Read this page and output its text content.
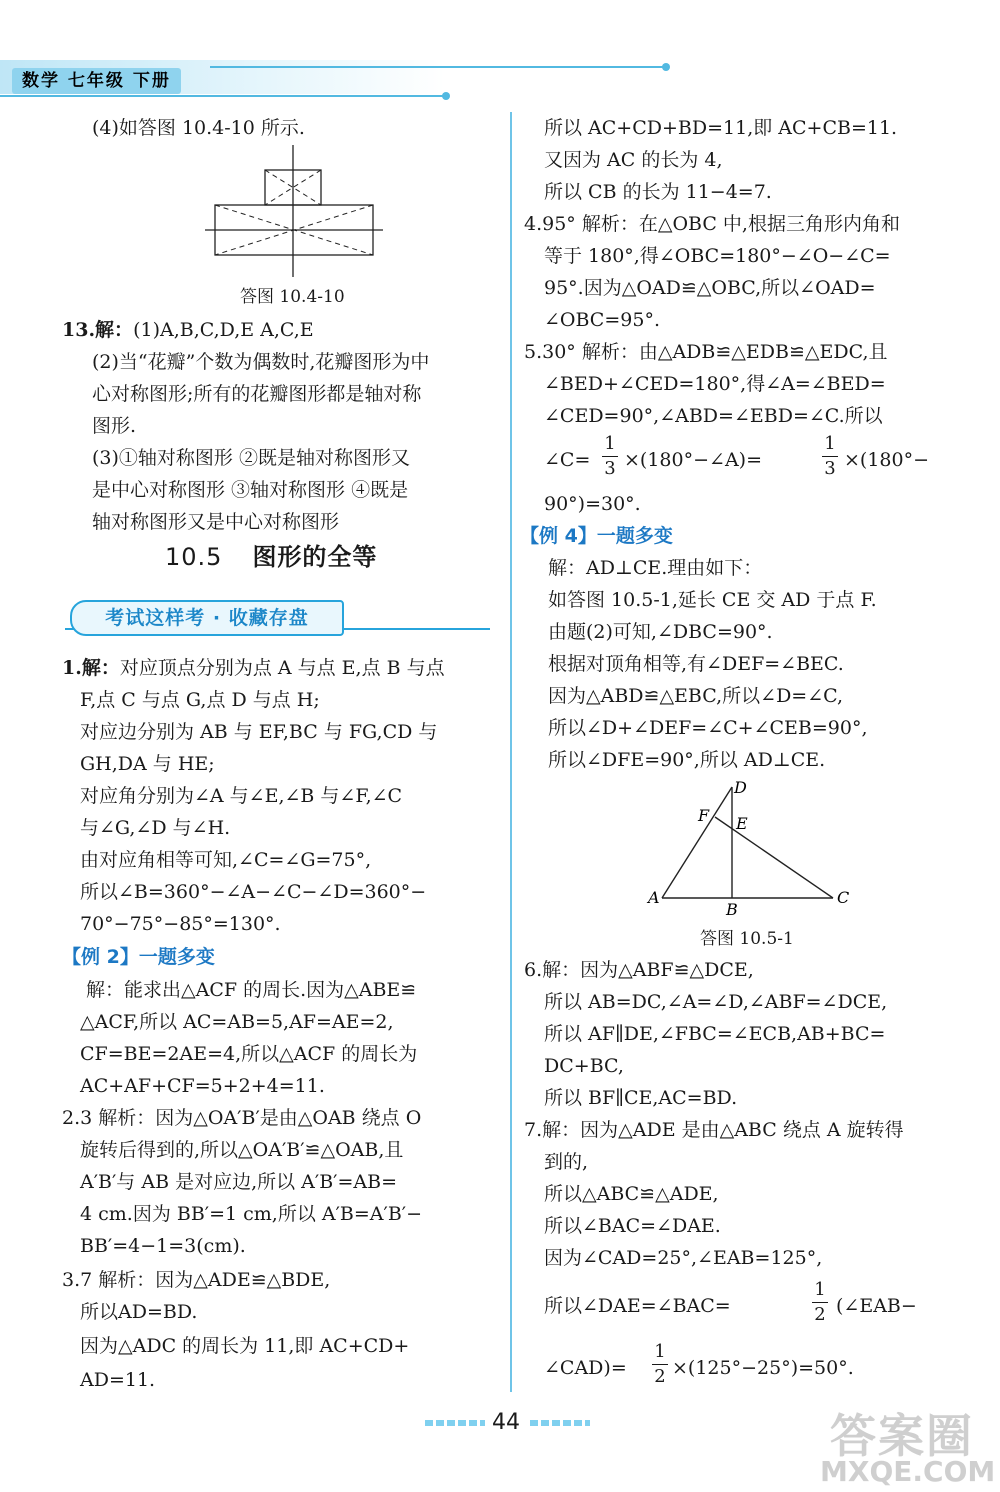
数学 七年级 下册
(4)如答图 10.4-10 所示.
答图 10.4-10
13.解：(1)A,B,C,D,E A,C,E
(2)当“花瓣”个数为偶数时,花瓣图形为中
心对称图形;所有的花瓣图形都是轴对称
图形.
(3)①轴对称图形 ②既是轴对称图形又
是中心对称图形 ③轴对称图形 ④既是
轴对称图形又是中心对称图形
10.5 图形的全等
考试这样考 · 收藏存盘
1.解：对应顶点分别为点 A 与点 E,点 B 与点
F,点 C 与点 G,点 D 与点 H;
对应边分别为 AB 与 EF,BC 与 FG,CD 与
GH,DA 与 HE;
对应角分别为∠A 与∠E,∠B 与∠F,∠C
与∠G,∠D 与∠H.
由对应角相等可知,∠C=∠G=75°,
所以∠B=360°−∠A−∠C−∠D=360°−
70°−75°−85°=130°.
【例 2】一题多变
解：能求出△ACF 的周长.因为△ABE≌
△ACF,所以 AC=AB=5,AF=AE=2,
CF=BE=2AE=4,所以△ACF 的周长为
AC+AF+CF=5+2+4=11.
2.3 解析：因为△OA′B′是由△OAB 绕点 O
旋转后得到的,所以△OA′B′≌△OAB,且
A′B′与 AB 是对应边,所以 A′B′=AB=
4 cm.因为 BB′=1 cm,所以 A′B=A′B′−
BB′=4−1=3(cm).
3.7 解析：因为△ADE≌△BDE,
所以AD=BD.
因为△ADC 的周长为 11,即 AC+CD+
AD=11.
所以 AC+CD+BD=11,即 AC+CB=11.
又因为 AC 的长为 4,
所以 CB 的长为 11−4=7.
4.95° 解析：在△OBC 中,根据三角形内角和
等于 180°,得∠OBC=180°−∠O−∠C=
95°.因为△OAD≌△OBC,所以∠OAD=
∠OBC=95°.
5.30° 解析：由△ADB≌△EDB≌△EDC,且
∠BED+∠CED=180°,得∠A=∠BED=
∠CED=90°,∠ABD=∠EBD=∠C.所以
∠C=
1
3 ×(180°−∠A)=
1
3 ×(180°−
90°)=30°.
【例 4】一题多变
解：AD⊥CE.理由如下：
如答图 10.5-1,延长 CE 交 AD 于点 F.
由题(2)可知,∠DBC=90°.
根据对顶角相等,有∠DEF=∠BEC.
因为△ABD≌△EBC,所以∠D=∠C,
所以∠D+∠DEF=∠C+∠CEB=90°,
所以∠DFE=90°,所以 AD⊥CE.
D
F E
A
B
C
答图 10.5-1
6.解：因为△ABF≌△DCE,
所以 AB=DC,∠A=∠D,∠ABF=∠DCE,
所以 AF∥DE,∠FBC=∠ECB,AB+BC=
DC+BC,
所以 BF∥CE,AC=BD.
7.解：因为△ADE 是由△ABC 绕点 A 旋转得
到的,
所以△ABC≌△ADE,
所以∠BAC=∠DAE.
因为∠CAD=25°,∠EAB=125°,
所以∠DAE=∠BAC=
1
2 (∠EAB−
∠CAD)=
1
2 ×(125°−25°)=50°.
44	答案圈
MXQE.COM
